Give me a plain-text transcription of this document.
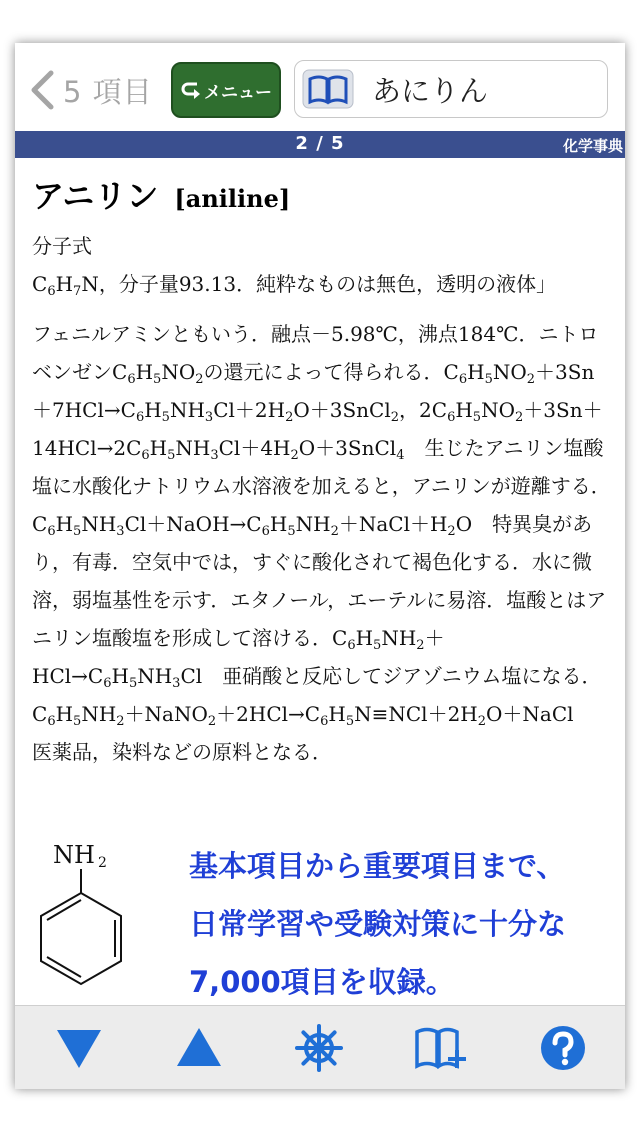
5 項目	メニュー	あにりん
2 / 5	化学事典
アニリン [aniline]

分子式$C_6H_7N$，分子量93.13．純粋なものは無色，透明の液体」

フェニルアミンともいう．融点－5.98℃，沸点184℃．ニトロベンゼン$C_6H_5NO_2$の還元によって得られる．$C_6H_5NO_2+3Sn+7HCl\to C_6H_5NH_3Cl+2H_2O+3SnCl_2$，$2C_6H_5NO_2+3Sn+14HCl\to 2C_6H_5NH_3Cl+4H_2O+3SnCl_4$　生じたアニリン塩酸塩に水酸化ナトリウム水溶液を加えると，アニリンが遊離する．$C_6H_5NH_3Cl+NaOH\to C_6H_5NH_2+NaCl+H_2O$　特異臭があり，有毒．空気中では，すぐに酸化されて褐色化する．水に微溶，弱塩基性を示す．エタノール，エーテルに易溶．塩酸とはアニリン塩酸塩を形成して溶ける．$C_6H_5NH_2+HCl\to C_6H_5NH_3Cl$　亜硝酸と反応してジアゾニウム塩になる．$C_6H_5NH_2+NaNO_2+2HCl\to C_6H_5N\equiv NCl+2H_2O+NaCl$　医薬品，染料などの原料となる．

NH 2	基本項目から重要項目まで、
日常学習や受験対策に十分な
7,000項目を収録。
